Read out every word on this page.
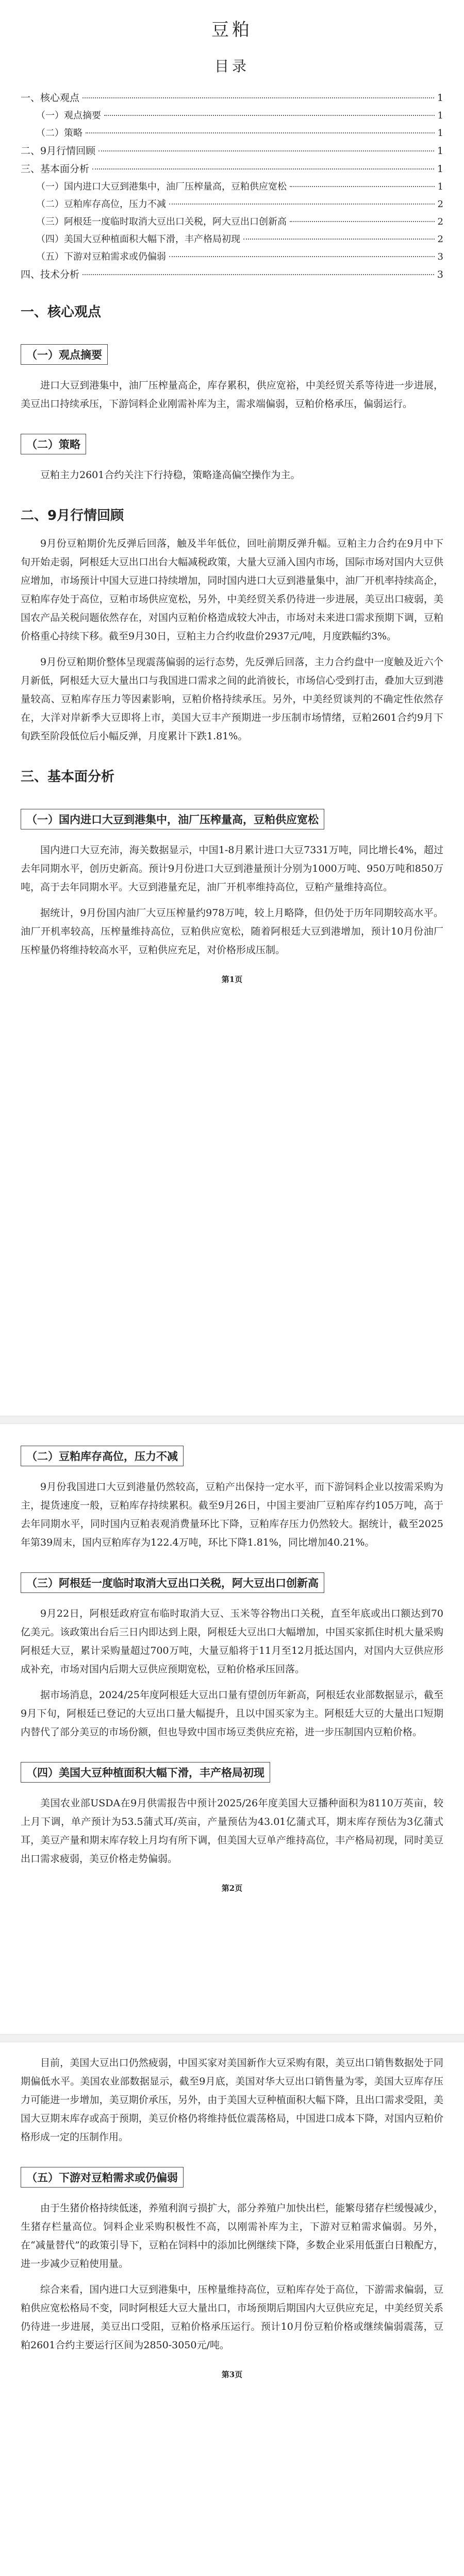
豆粕
目录
一、核心观点	1
（一）观点摘要	1
（二）策略	1
二、9月行情回顾	1
三、基本面分析	1
（一）国内进口大豆到港集中，油厂压榨量高，豆粕供应宽松	1
（二）豆粕库存高位，压力不减	2
（三）阿根廷一度临时取消大豆出口关税，阿大豆出口创新高	2
（四）美国大豆种植面积大幅下滑，丰产格局初现	2
（五）下游对豆粕需求或仍偏弱	3
四、技术分析	3
一、核心观点
（一）观点摘要

进口大豆到港集中，油厂压榨量高企，库存累积，供应宽裕，中美经贸关系等待进一步进展，美豆出口持续承压，下游饲料企业刚需补库为主，需求端偏弱，豆粕价格承压，偏弱运行。

（二）策略

豆粕主力2601合约关注下行持稳，策略逢高偏空操作为主。

二、9月行情回顾

9月份豆粕期价先反弹后回落，触及半年低位，回吐前期反弹升幅。豆粕主力合约在9月中下旬开始走弱，阿根廷大豆出口出台大幅减税政策，大量大豆涌入国内市场，国际市场对国内大豆供应增加，市场预计中国大豆进口持续增加，同时国内进口大豆到港量集中，油厂开机率持续高企，豆粕库存处于高位，豆粕市场供应宽松，另外，中美经贸关系仍待进一步进展，美豆出口疲弱，美国农产品关税问题依然存在，对国内豆粕价格造成较大冲击，市场对未来进口需求预期下调，豆粕价格重心持续下移。截至9月30日，豆粕主力合约收盘价2937元/吨，月度跌幅约3%。

9月份豆粕期价整体呈现震荡偏弱的运行态势，先反弹后回落，主力合约盘中一度触及近六个月新低，阿根廷大豆大量出口与我国进口需求之间的此消彼长，市场信心受到打击，叠加大豆到港量较高、豆粕库存压力等因素影响，豆粕价格持续承压。另外，中美经贸谈判的不确定性依然存在，大洋对岸新季大豆即将上市，美国大豆丰产预期进一步压制市场情绪，豆粕2601合约9月下旬跌至阶段低位后小幅反弹，月度累计下跌1.81%。

三、基本面分析
（一）国内进口大豆到港集中，油厂压榨量高，豆粕供应宽松

国内进口大豆充沛，海关数据显示，中国1-8月累计进口大豆7331万吨，同比增长4%，超过去年同期水平，创历史新高。预计9月份进口大豆到港量预计分别为1000万吨、950万吨和850万吨，高于去年同期水平。大豆到港量充足，油厂开机率维持高位，豆粕产量维持高位。

据统计，9月份国内油厂大豆压榨量约978万吨，较上月略降，但仍处于历年同期较高水平。油厂开机率较高，压榨量维持高位，豆粕供应宽松，随着阿根廷大豆到港增加，预计10月份油厂压榨量仍将维持较高水平，豆粕供应充足，对价格形成压制。

第1页
（二）豆粕库存高位，压力不减

9月份我国进口大豆到港量仍然较高，豆粕产出保持一定水平，而下游饲料企业以按需采购为主，提货速度一般，豆粕库存持续累积。截至9月26日，中国主要油厂豆粕库存约105万吨，高于去年同期水平，同时国内豆粕表观消费量环比下降，豆粕库存压力仍然较大。据统计，截至2025年第39周末，国内豆粕库存为122.4万吨，环比下降1.81%，同比增加40.21%。

（三）阿根廷一度临时取消大豆出口关税，阿大豆出口创新高

9月22日，阿根廷政府宣布临时取消大豆、玉米等谷物出口关税，直至年底或出口额达到70亿美元。该政策出台后三日内即达到上限，阿根廷大豆出口大幅增加，中国买家抓住时机大量采购阿根廷大豆，累计采购量超过700万吨，大量豆船将于11月至12月抵达国内，对国内大豆供应形成补充，市场对国内后期大豆供应预期宽松，豆粕价格承压回落。

据市场消息，2024/25年度阿根廷大豆出口量有望创历年新高，阿根廷农业部数据显示，截至9月下旬，阿根廷已登记的大豆出口量大幅提升，且以中国买家为主。阿根廷大豆的大量出口短期内替代了部分美豆的市场份额，但也导致中国市场豆类供应充裕，进一步压制国内豆粕价格。

（四）美国大豆种植面积大幅下滑，丰产格局初现

美国农业部USDA在9月供需报告中预计2025/26年度美国大豆播种面积为8110万英亩，较上月下调，单产预计为53.5蒲式耳/英亩，产量预估为43.01亿蒲式耳，期末库存预估为3亿蒲式耳，美豆产量和期末库存较上月均有所下调，但美国大豆单产维持高位，丰产格局初现，同时美豆出口需求疲弱，美豆价格走势偏弱。

第2页

目前，美国大豆出口仍然疲弱，中国买家对美国新作大豆采购有限，美豆出口销售数据处于同期偏低水平。美国农业部数据显示，截至9月底，美国对华大豆出口销售量为零，美国大豆库存压力可能进一步增加，美豆期价承压，另外，由于美国大豆种植面积大幅下降，且出口需求受阻，美国大豆期末库存或高于预期，美豆价格仍将维持低位震荡格局，中国进口成本下降，对国内豆粕价格形成一定的压制作用。

（五）下游对豆粕需求或仍偏弱

由于生猪价格持续低迷，养殖利润亏损扩大，部分养殖户加快出栏，能繁母猪存栏缓慢减少，生猪存栏量高位。饲料企业采购积极性不高，以刚需补库为主，下游对豆粕需求偏弱。另外，在“减量替代”的政策引导下，豆粕在饲料中的添加比例继续下降，多数企业采用低蛋白日粮配方，进一步减少豆粕使用量。

综合来看，国内进口大豆到港集中，压榨量维持高位，豆粕库存处于高位，下游需求偏弱，豆粕供应宽松格局不变，同时阿根廷大豆大量出口，市场预期后期国内大豆供应充足，中美经贸关系仍待进一步进展，美豆出口受阻，豆粕价格承压运行。预计10月份豆粕价格或继续偏弱震荡，豆粕2601合约主要运行区间为2850-3050元/吨。

第3页
